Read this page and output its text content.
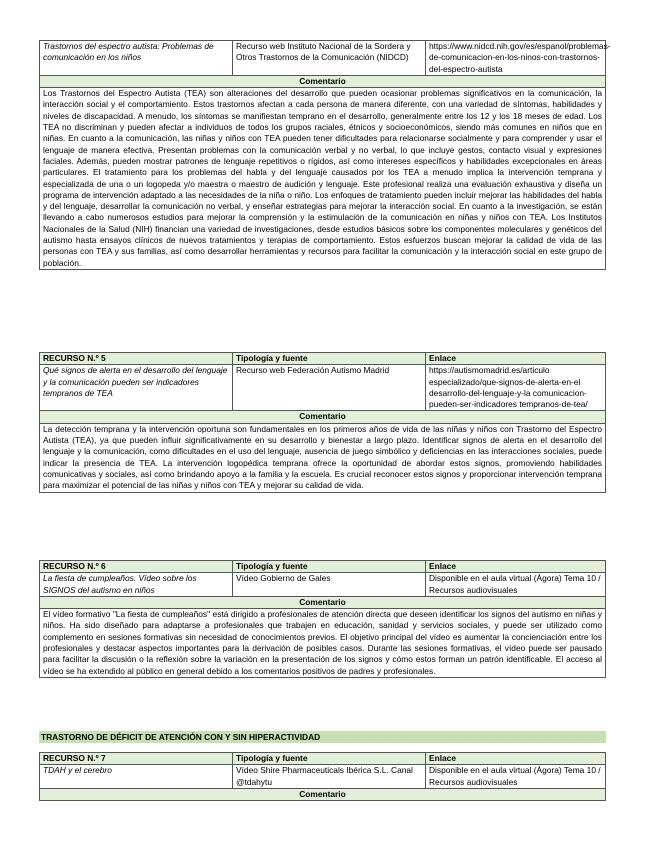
Trastornos del espectro autista: Problemas de comunicación en los niños	Recurso web Instituto Nacional de la Sordera y Otros Trastornos de la Comunicación (NIDCD)	https://www.nidcd.nih.gov/es/espanol/problemas-de-comunicacion-en-los-ninos-con-trastornos-del-espectro-autista
Comentario
Los Trastornos del Espectro Autista (TEA) son alteraciones del desarrollo que pueden ocasionar problemas significativos en la comunicación, la interacción social y el comportamiento. Estos trastornos afectan a cada persona de manera diferente, con una variedad de síntomas, habilidades y niveles de discapacidad. A menudo, los síntomas se manifiestan temprano en el desarrollo, generalmente entre los 12 y los 18 meses de edad. Los TEA no discriminan y pueden afectar a individuos de todos los grupos raciales, étnicos y socioeconómicos, siendo más comunes en niños que en niñas. En cuanto a la comunicación, las niñas y niños con TEA pueden tener dificultades para relacionarse socialmente y para comprender y usar el lenguaje de manera efectiva. Presentan problemas con la comunicación verbal y no verbal, lo que incluye gestos, contacto visual y expresiones faciales. Además, pueden mostrar patrones de lenguaje repetitivos o rígidos, así como intereses específicos y habilidades excepcionales en áreas particulares. El tratamiento para los problemas del habla y del lenguaje causados por los TEA a menudo implica la intervención temprana y especializada de una o un logopeda y/o maestra o maestro de audición y lenguaje. Este profesional realiza una evaluación exhaustiva y diseña un programa de intervención adaptado a las necesidades de la niña o niño. Los enfoques de tratamiento pueden incluir mejorar las habilidades del habla y del lenguaje, desarrollar la comunicación no verbal, y enseñar estrategias para mejorar la interacción social. En cuanto a la investigación, se están llevando a cabo numerosos estudios para mejorar la comprensión y la estimulación de la comunicación en niñas y niños con TEA. Los Institutos Nacionales de la Salud (NIH) financian una variedad de investigaciones, desde estudios básicos sobre los componentes moleculares y genéticos del autismo hasta ensayos clínicos de nuevos tratamientos y terapias de comportamiento. Estos esfuerzos buscan mejorar la calidad de vida de las personas con TEA y sus familias, así como desarrollar herramientas y recursos para facilitar la comunicación y la interacción social en este grupo de población.
RECURSO N.º 5	Tipología y fuente	Enlace
Qué signos de alerta en el desarrollo del lenguaje y la comunicación pueden ser indicadores tempranos de TEA	Recurso web Federación Autismo Madrid	https://autismomadrid.es/articulo especializado/que-signos-de-alerta-en-el desarrollo-del-lenguaje-y-la comunicacion-pueden-ser-indicadores tempranos-de-tea/
Comentario		
La detección temprana y la intervención oportuna son fundamentales en los primeros años de vida de las niñas y niños con Trastorno del Espectro Autista (TEA), ya que pueden influir significativamente en su desarrollo y bienestar a largo plazo. Identificar signos de alerta en el desarrollo del lenguaje y la comunicación, como dificultades en el uso del lenguaje, ausencia de juego simbólico y deficiencias en las interacciones sociales, puede indicar la presencia de TEA. La intervención logopédica temprana ofrece la oportunidad de abordar estos signos, promoviendo habilidades comunicativas y sociales, así como brindando apoyo a la familia y la escuela. Es crucial reconocer estos signos y proporcionar intervención temprana para maximizar el potencial de las niñas y niños con TEA y mejorar su calidad de vida.		
RECURSO N.º 6	Tipología y fuente	Enlace
La fiesta de cumpleaños. Vídeo sobre los SIGNOS del autismo en niños	Vídeo Gobierno de Gales	Disponible en el aula virtual (Ágora) Tema 10 / Recursos audiovisuales
Comentario		
El vídeo formativo "La fiesta de cumpleaños" está dirigido a profesionales de atención directa que deseen identificar los signos del autismo en niñas y niños. Ha sido diseñado para adaptarse a profesionales que trabajen en educación, sanidad y servicios sociales, y puede ser utilizado como complemento en sesiones formativas sin necesidad de conocimientos previos. El objetivo principal del vídeo es aumentar la concienciación entre los profesionales y destacar aspectos importantes para la derivación de posibles casos. Durante las sesiones formativas, el vídeo puede ser pausado para facilitar la discusión o la reflexión sobre la variación en la presentación de los signos y cómo estos forman un patrón identificable. El acceso al vídeo se ha extendido al público en general debido a los comentarios positivos de padres y profesionales.		
TRASTORNO DE DÉFICIT DE ATENCIÓN CON Y SIN HIPERACTIVIDAD
RECURSO N.º 7	Tipología y fuente	Enlace
TDAH y el cerebro	Vídeo Shire Pharmaceuticals Ibérica S.L. Canal @tdahytu	Disponible en el aula virtual (Ágora) Tema 10 / Recursos audiovisuales
Comentario		
